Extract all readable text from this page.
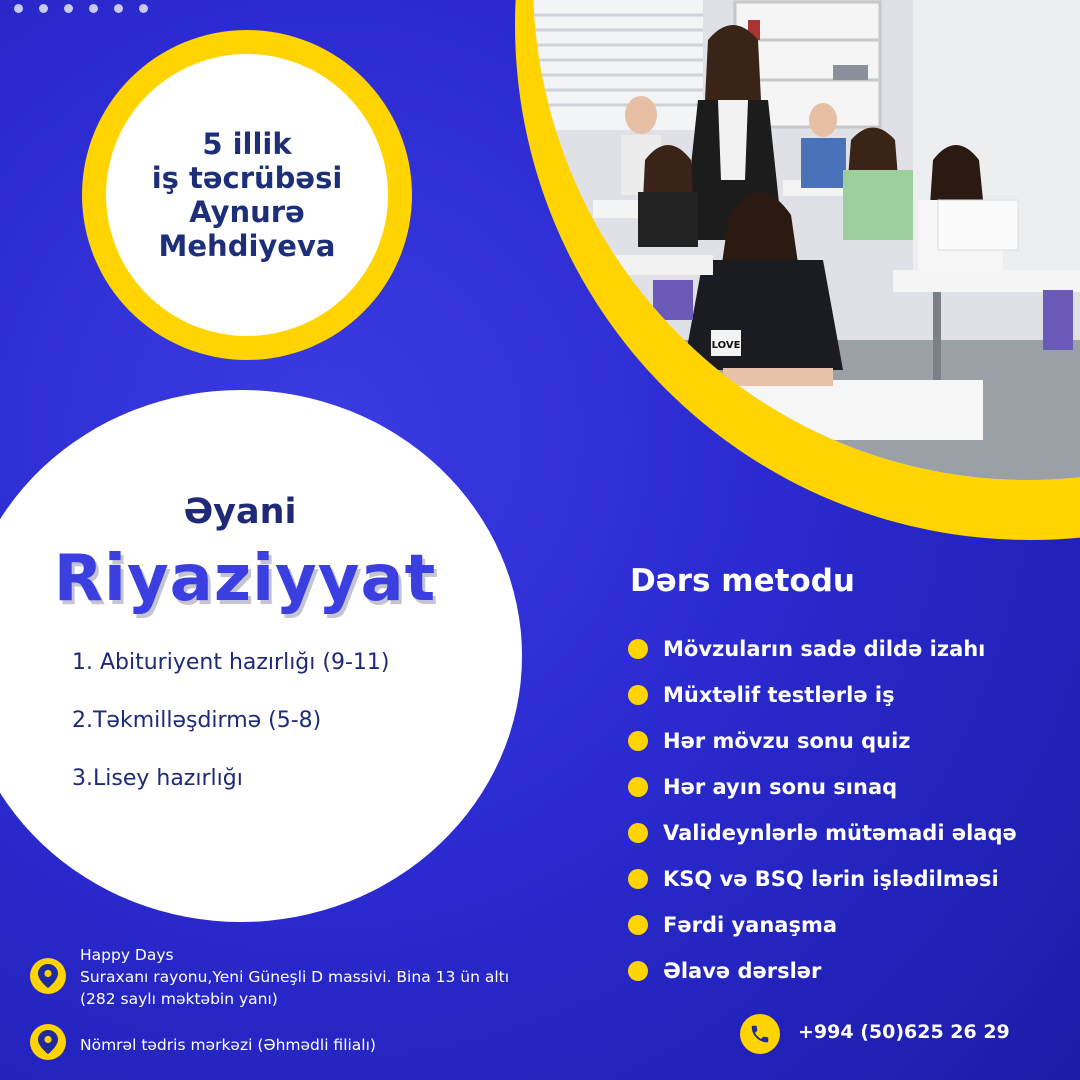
LOVE
5 illik
iş təcrübəsi
Aynurə
Mehdiyeva
Əyani
Riyaziyyat
1. Abituriyent hazırlığı (9-11)
2.Təkmilləşdirmə (5-8)
3.Lisey hazırlığı
Dərs metodu
Mövzuların sadə dildə izahı
Müxtəlif testlərlə iş
Hər mövzu sonu quiz
Hər ayın sonu sınaq
Valideynlərlə mütəmadi əlaqə
KSQ və BSQ lərin işlədilməsi
Fərdi yanaşma
Əlavə dərslər
Happy Days
Suraxanı rayonu,Yeni Güneşli D massivi. Bina 13 ün altı
(282 saylı məktəbin yanı)
Nömrəl tədris mərkəzi (Əhmədli filialı)
+994 (50)625 26 29
